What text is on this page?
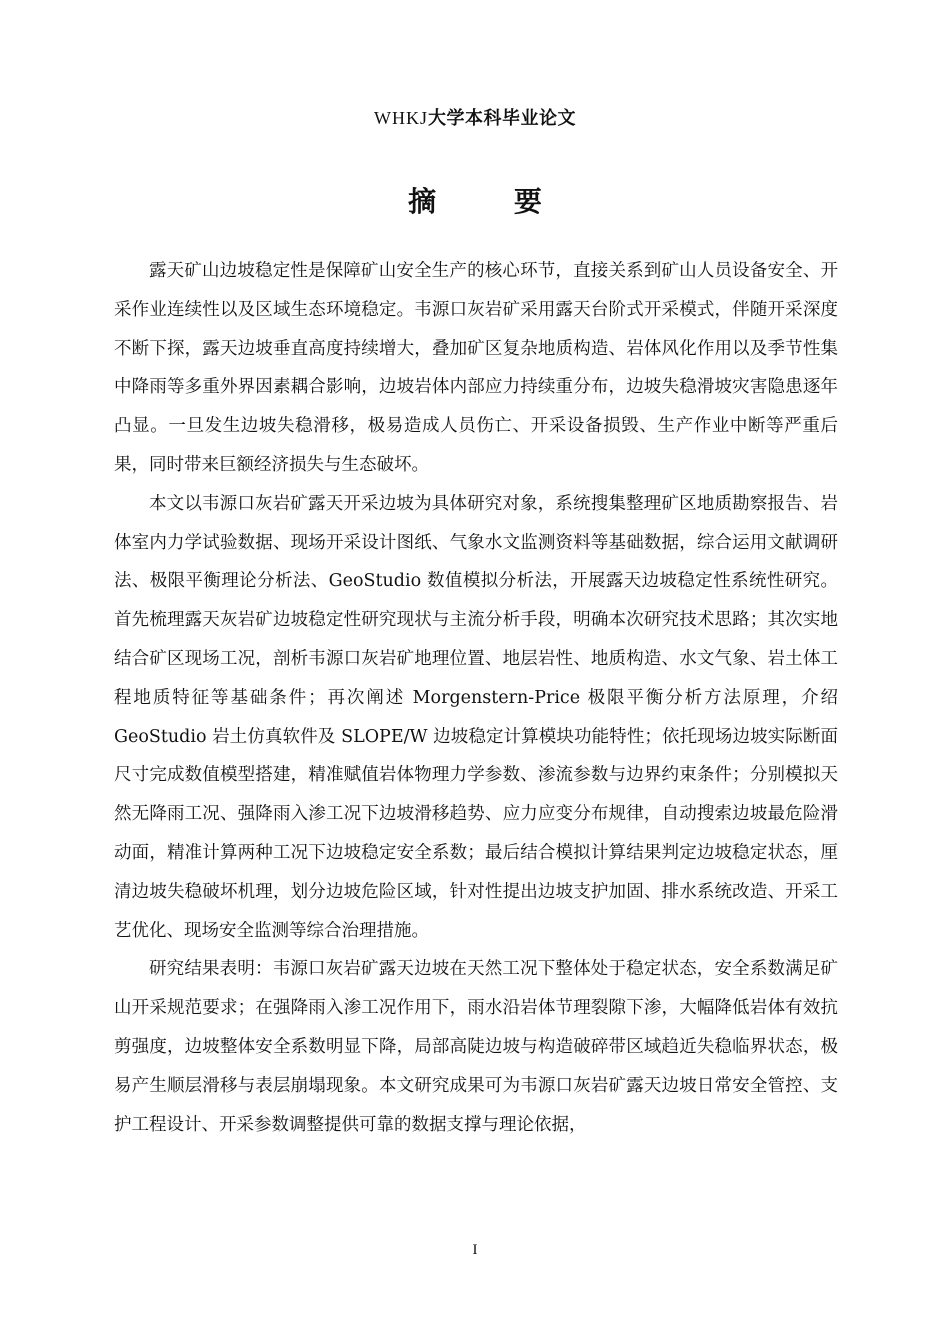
WHKJ大学本科毕业论文
摘 要

露天矿山边坡稳定性是保障矿山安全生产的核心环节，直接关系到矿山人员设备安全、开采作业连续性以及区域生态环境稳定。韦源口灰岩矿采用露天台阶式开采模式，伴随开采深度不断下探，露天边坡垂直高度持续增大，叠加矿区复杂地质构造、岩体风化作用以及季节性集中降雨等多重外界因素耦合影响，边坡岩体内部应力持续重分布，边坡失稳滑坡灾害隐患逐年凸显。一旦发生边坡失稳滑移，极易造成人员伤亡、开采设备损毁、生产作业中断等严重后果，同时带来巨额经济损失与生态破坏。

本文以韦源口灰岩矿露天开采边坡为具体研究对象，系统搜集整理矿区地质勘察报告、岩体室内力学试验数据、现场开采设计图纸、气象水文监测资料等基础数据，综合运用文献调研法、极限平衡理论分析法、GeoStudio 数值模拟分析法，开展露天边坡稳定性系统性研究。首先梳理露天灰岩矿边坡稳定性研究现状与主流分析手段，明确本次研究技术思路；其次实地结合矿区现场工况，剖析韦源口灰岩矿地理位置、地层岩性、地质构造、水文气象、岩土体工程地质特征等基础条件；再次阐述 Morgenstern-Price 极限平衡分析方法原理，介绍 GeoStudio 岩土仿真软件及 SLOPE/W 边坡稳定计算模块功能特性；依托现场边坡实际断面尺寸完成数值模型搭建，精准赋值岩体物理力学参数、渗流参数与边界约束条件；分别模拟天然无降雨工况、强降雨入渗工况下边坡滑移趋势、应力应变分布规律，自动搜索边坡最危险滑动面，精准计算两种工况下边坡稳定安全系数；最后结合模拟计算结果判定边坡稳定状态，厘清边坡失稳破坏机理，划分边坡危险区域，针对性提出边坡支护加固、排水系统改造、开采工艺优化、现场安全监测等综合治理措施。

研究结果表明：韦源口灰岩矿露天边坡在天然工况下整体处于稳定状态，安全系数满足矿山开采规范要求；在强降雨入渗工况作用下，雨水沿岩体节理裂隙下渗，大幅降低岩体有效抗剪强度，边坡整体安全系数明显下降，局部高陡边坡与构造破碎带区域趋近失稳临界状态，极易产生顺层滑移与表层崩塌现象。本文研究成果可为韦源口灰岩矿露天边坡日常安全管控、支护工程设计、开采参数调整提供可靠的数据支撑与理论依据，

I
